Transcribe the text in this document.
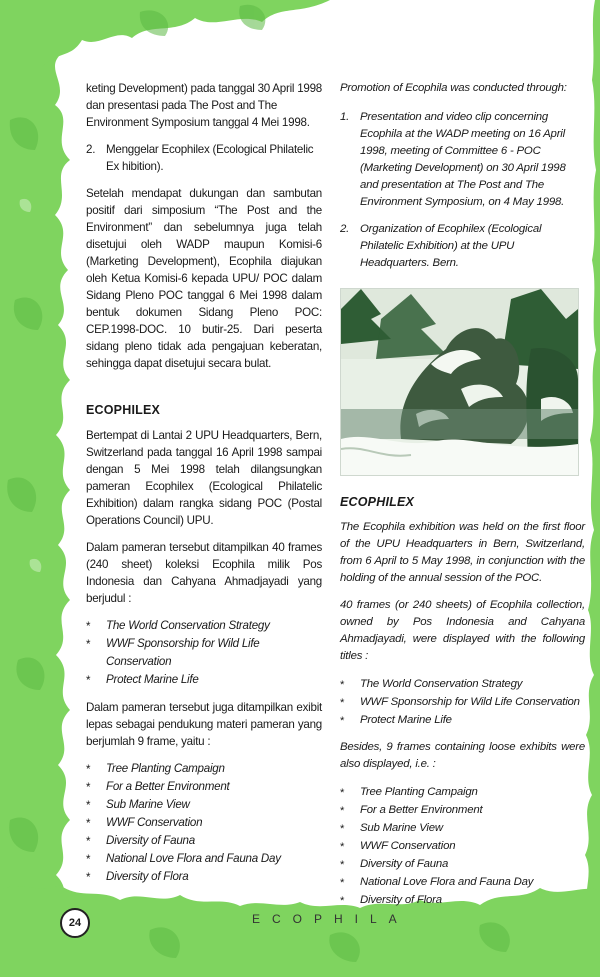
keting Development) pada tanggal 30 April 1998 dan presentasi pada The Post and The Environment Symposium tanggal 4 Mei 1998.

2. Menggelar Ecophilex (Ecological Philatelic Ex hibition).

Setelah mendapat dukungan dan sambutan positif dari simposium “The Post and the Environment” dan sebelumnya juga telah disetujui oleh WADP maupun Komisi-6 (Marketing Development), Ecophila diajukan oleh Ketua Komisi-6 kepada UPU/ POC dalam Sidang Pleno POC tanggal 6 Mei 1998 dalam bentuk dokumen Sidang Pleno POC: CEP.1998-DOC. 10 butir-25. Dari peserta sidang pleno tidak ada pengajuan keberatan, sehingga dapat disetujui secara bulat.

ECOPHILEX

Bertempat di Lantai 2 UPU Headquarters, Bern, Switzerland pada tanggal 16 April 1998 sampai dengan 5 Mei 1998 telah dilangsungkan pameran Ecophilex (Ecological Philatelic Exhibition) dalam rangka sidang POC (Postal Operations Council) UPU.

Dalam pameran tersebut ditampilkan 40 frames (240 sheet) koleksi Ecophila milik Pos Indonesia dan Cahyana Ahmadjayadi yang berjudul :

* The World Conservation Strategy
* WWF Sponsorship for Wild Life Conservation
* Protect Marine Life

Dalam pameran tersebut juga ditampilkan exibit lepas sebagai pendukung materi pameran yang berjumlah 9 frame, yaitu :

* Tree Planting Campaign
* For a Better Environment
* Sub Marine View
* WWF Conservation
* Diversity of Fauna
* National Love Flora and Fauna Day
* Diversity of Flora

Promotion of Ecophila was conducted through:

1. Presentation and video clip concerning Ecophila at the WADP meeting on 16 April 1998, meeting of Committee 6 - POC (Marketing Development) on 30 April 1998 and presentation at The Post and The Environment Symposium, on 4 May 1998.
2. Organization of Ecophilex (Ecological Philatelic Exhibition) at the UPU Headquarters. Bern.
ECOPHILEX

The Ecophila exhibition was held on the first floor of the UPU Headquarters in Bern, Switzerland, from 6 April to 5 May 1998, in conjunction with the holding of the annual session of the POC.

40 frames (or 240 sheets) of Ecophila collection, owned by Pos Indonesia and Cahyana Ahmadjayadi, were displayed with the following titles :

* The World Conservation Strategy
* WWF Sponsorship for Wild Life Conservation
* Protect Marine Life

Besides, 9 frames containing loose exhibits were also displayed, i.e. :

* Tree Planting Campaign
* For a Better Environment
* Sub Marine View
* WWF Conservation
* Diversity of Fauna
* National Love Flora and Fauna Day
* Diversity of Flora
24	ECOPHILA
